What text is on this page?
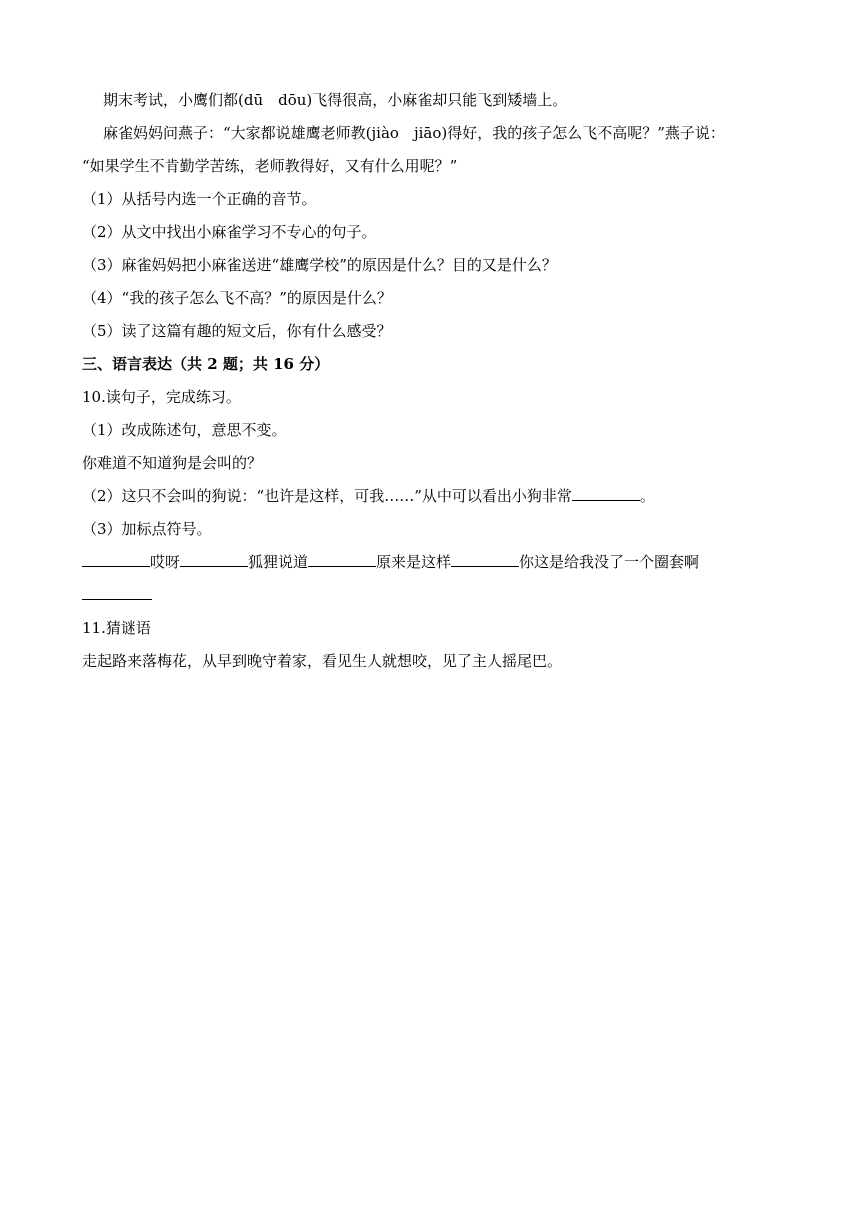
期末考试，小鹰们都(dū　dōu)飞得很高，小麻雀却只能飞到矮墙上。
麻雀妈妈问燕子：“大家都说雄鹰老师教(jiào　jiāo)得好，我的孩子怎么飞不高呢？”燕子说：
“如果学生不肯勤学苦练，老师教得好，又有什么用呢？”
（1）从括号内选一个正确的音节。
（2）从文中找出小麻雀学习不专心的句子。
（3）麻雀妈妈把小麻雀送进“雄鹰学校”的原因是什么？目的又是什么？
（4）“我的孩子怎么飞不高？”的原因是什么？
（5）读了这篇有趣的短文后，你有什么感受？
三、语言表达（共 2 题；共 16 分）
10.读句子，完成练习。
（1）改成陈述句，意思不变。
你难道不知道狗是会叫的？
（2）这只不会叫的狗说：“也许是这样，可我……”从中可以看出小狗非常	。
（3）加标点符号。
哎呀	狐狸说道	原来是这样	你这是给我没了一个圈套啊
11.猜谜语
走起路来落梅花，从早到晚守着家，看见生人就想咬，见了主人摇尾巴。
